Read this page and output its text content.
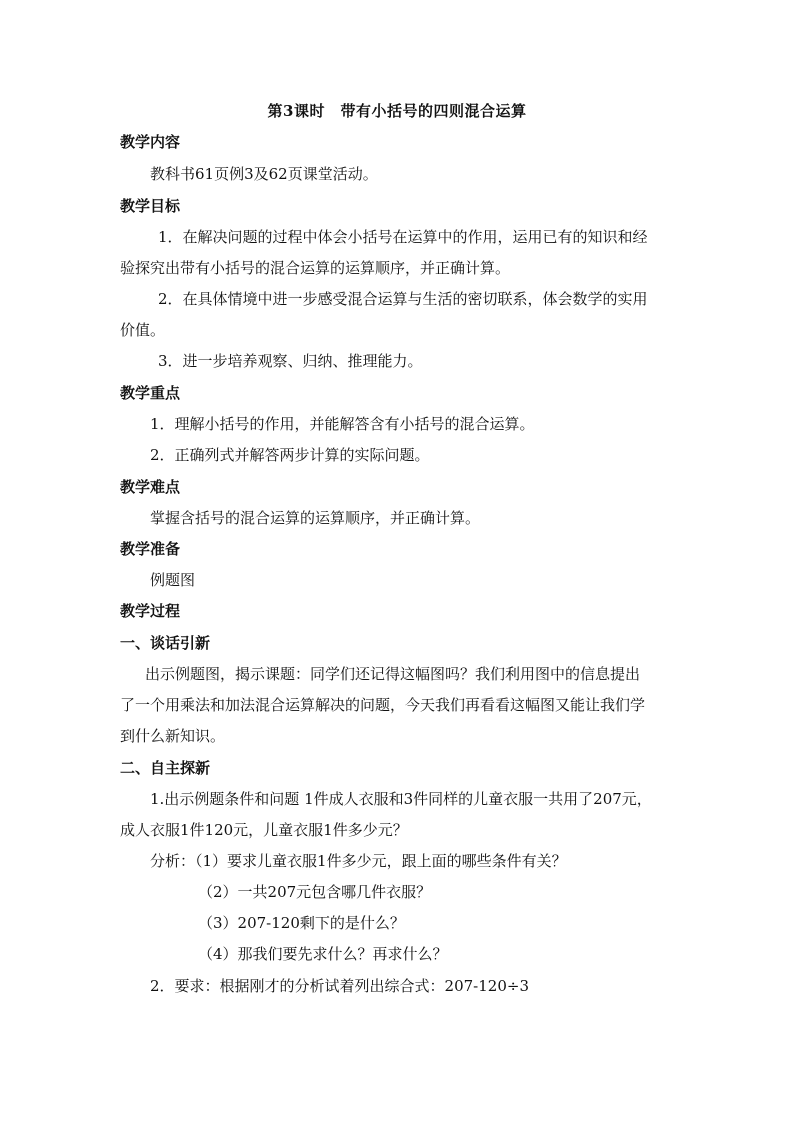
第3课时　带有小括号的四则混合运算
教学内容
教科书61页例3及62页课堂活动。
教学目标
1．在解决问题的过程中体会小括号在运算中的作用，运用已有的知识和经
验探究出带有小括号的混合运算的运算顺序，并正确计算。
2．在具体情境中进一步感受混合运算与生活的密切联系，体会数学的实用
价值。
3．进一步培养观察、归纳、推理能力。
教学重点
1．理解小括号的作用，并能解答含有小括号的混合运算。
2．正确列式并解答两步计算的实际问题。
教学难点
掌握含括号的混合运算的运算顺序，并正确计算。
教学准备
例题图
教学过程
一、谈话引新
出示例题图，揭示课题：同学们还记得这幅图吗？我们利用图中的信息提出
了一个用乘法和加法混合运算解决的问题，今天我们再看看这幅图又能让我们学
到什么新知识。
二、自主探新
1.出示例题条件和问题 1件成人衣服和3件同样的儿童衣服一共用了207元，
成人衣服1件120元，儿童衣服1件多少元？
分析：（1）要求儿童衣服1件多少元，跟上面的哪些条件有关？
（2）一共207元包含哪几件衣服？
（3）207-120剩下的是什么？
（4）那我们要先求什么？再求什么？
2．要求：根据刚才的分析试着列出综合式：207-120÷3
